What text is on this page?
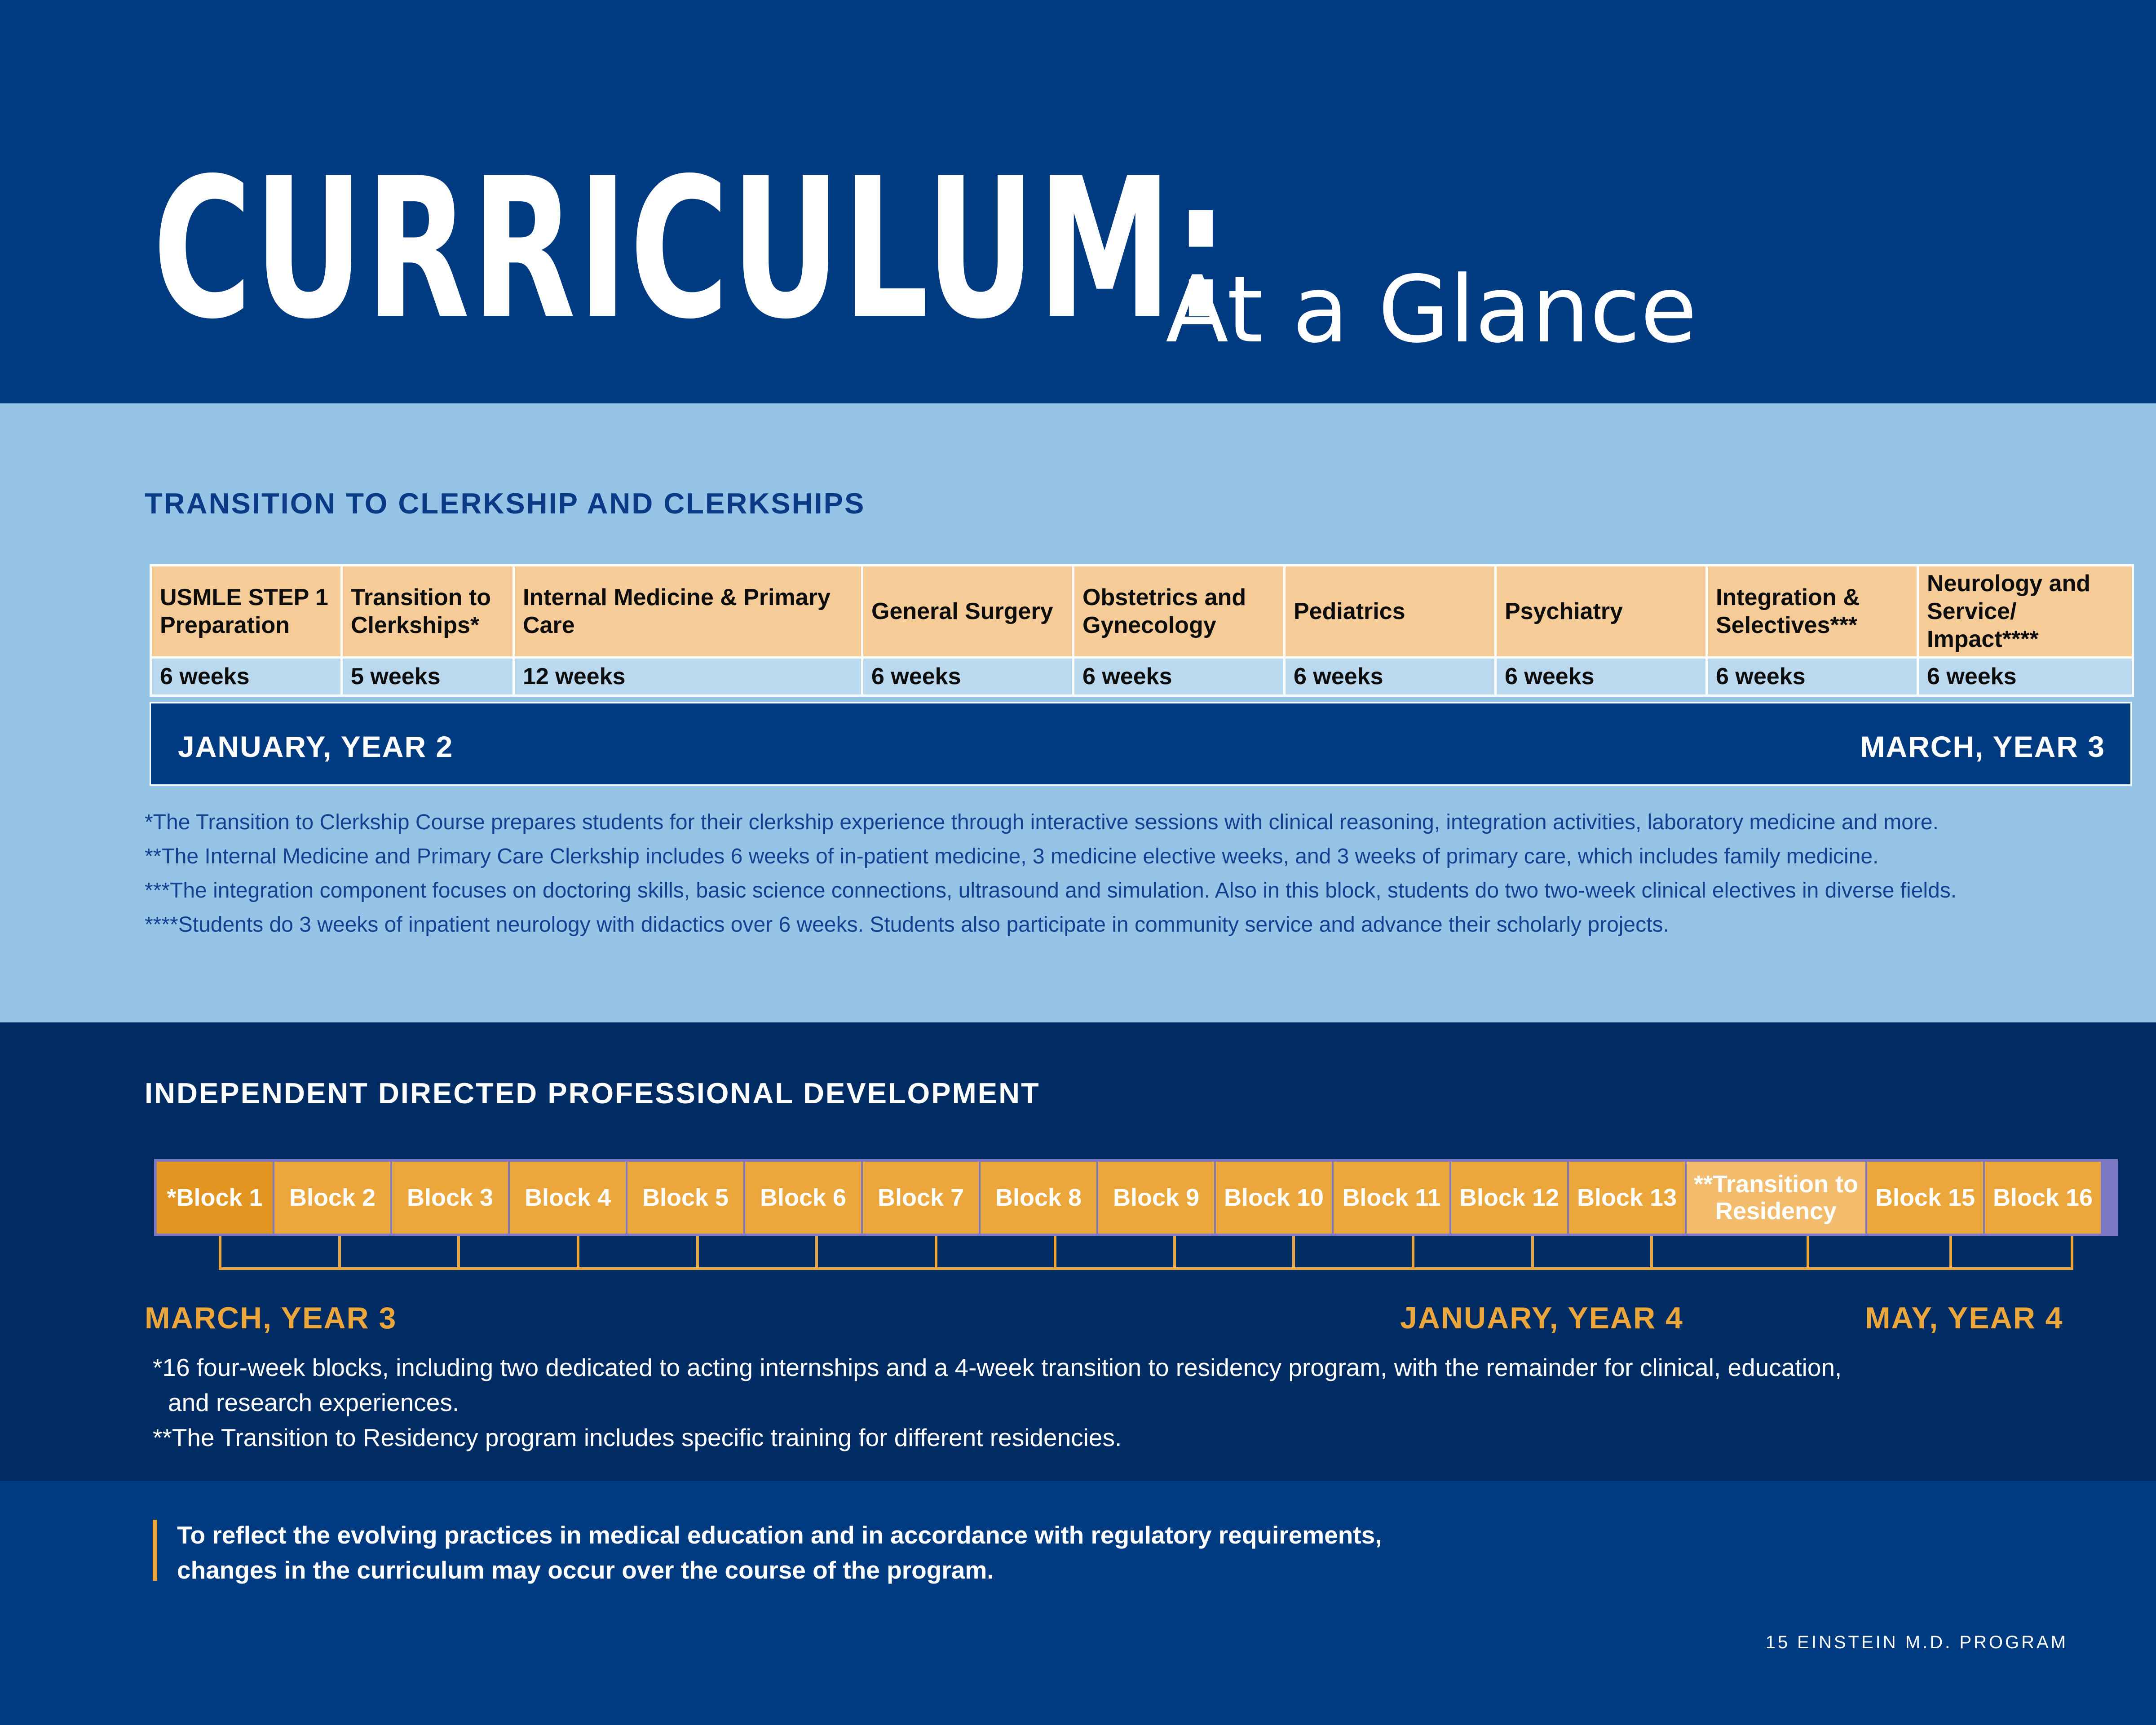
CURRICULUM:
At a Glance
TRANSITION TO CLERKSHIP AND CLERKSHIPS
USMLE STEP 1 Preparation	Transition to Clerkships*	Internal Medicine & Primary Care	General Surgery	Obstetrics and Gynecology	Pediatrics	Psychiatry	Integration & Selectives***	Neurology and Service/ Impact****
6 weeks	5 weeks	12 weeks	6 weeks	6 weeks	6 weeks	6 weeks	6 weeks	6 weeks
*The Transition to Clerkship Course prepares students for their clerkship experience through interactive sessions with clinical reasoning, integration activities, laboratory medicine and more.
**The Internal Medicine and Primary Care Clerkship includes 6 weeks of in-patient medicine, 3 medicine elective weeks, and 3 weeks of primary care, which includes family medicine.
***The integration component focuses on doctoring skills, basic science connections, ultrasound and simulation. Also in this block, students do two two-week clinical electives in diverse fields.
****Students do 3 weeks of inpatient neurology with didactics over 6 weeks. Students also participate in community service and advance their scholarly projects.
JANUARY, YEAR 2	MARCH, YEAR 3
INDEPENDENT DIRECTED PROFESSIONAL DEVELOPMENT
*Block 1	Block 2	Block 3	Block 4	Block 5	Block 6	Block 7	Block 8	Block 9	Block 10 Block 11 Block 12 Block 13 **Transition to Residency	Block 15 Block 16
MARCH, YEAR 3	JANUARY, YEAR 4	MAY, YEAR 4
*16 four-week blocks, including two dedicated to acting internships and a 4-week transition to residency program, with the remainder for clinical, education,
and research experiences.
**The Transition to Residency program includes specific training for different residencies.
To reflect the evolving practices in medical education and in accordance with regulatory requirements,
changes in the curriculum may occur over the course of the program.
15 EINSTEIN M.D. PROGRAM
